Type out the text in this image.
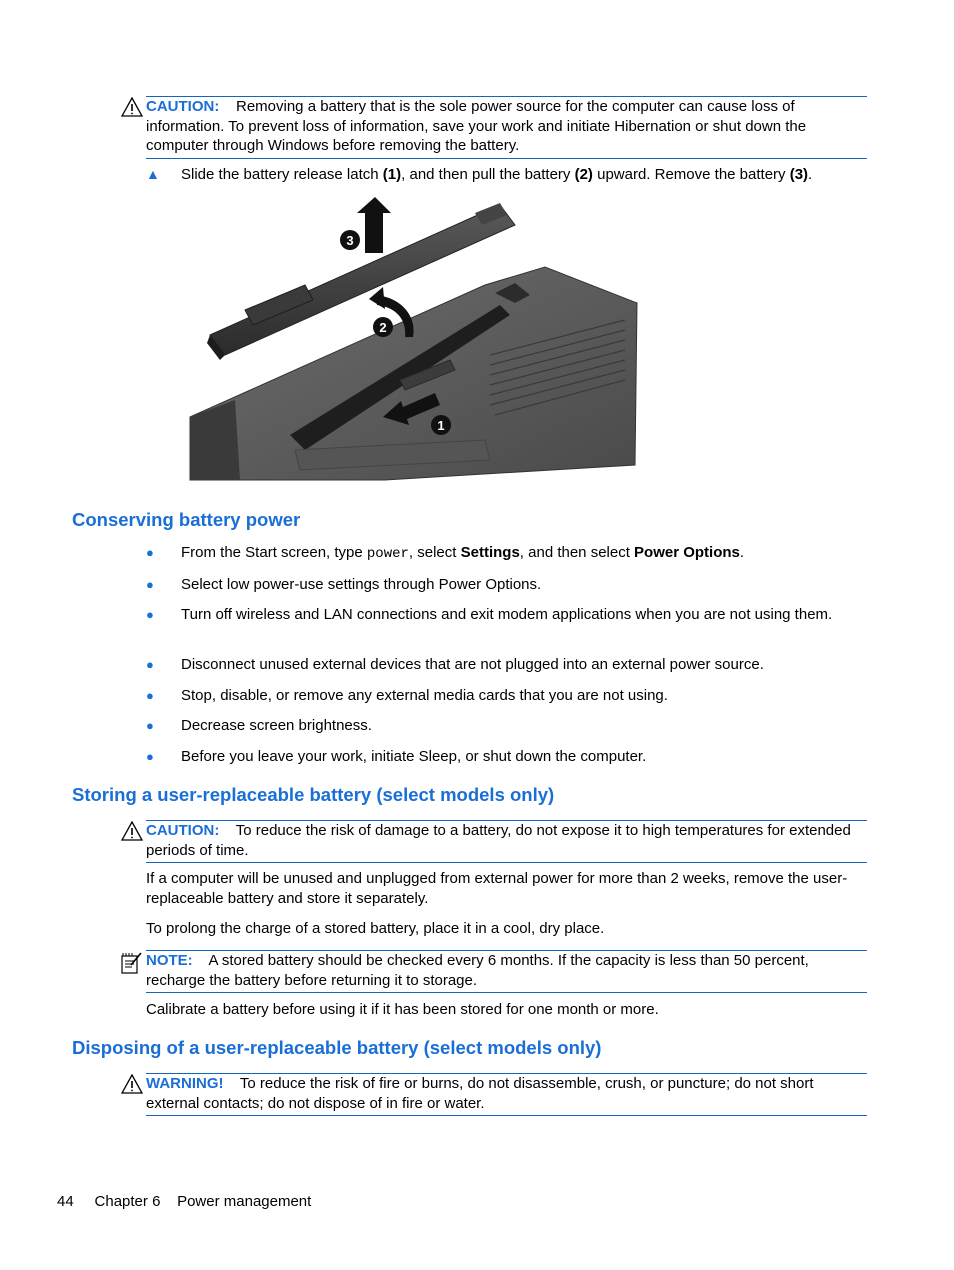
CAUTION: Removing a battery that is the sole power source for the computer can cause loss of information. To prevent loss of information, save your work and initiate Hibernation or shut down the computer through Windows before removing the battery.
▲ Slide the battery release latch (1), and then pull the battery (2) upward. Remove the battery (3).
3
2
1
Conserving battery power
● From the Start screen, type power, select Settings, and then select Power Options.
● Select low power-use settings through Power Options.
● Turn off wireless and LAN connections and exit modem applications when you are not using them.
● Disconnect unused external devices that are not plugged into an external power source.
● Stop, disable, or remove any external media cards that you are not using.
● Decrease screen brightness.
● Before you leave your work, initiate Sleep, or shut down the computer.
Storing a user-replaceable battery (select models only)
CAUTION: To reduce the risk of damage to a battery, do not expose it to high temperatures for extended periods of time.
If a computer will be unused and unplugged from external power for more than 2 weeks, remove the user-replaceable battery and store it separately.
To prolong the charge of a stored battery, place it in a cool, dry place.
NOTE: A stored battery should be checked every 6 months. If the capacity is less than 50 percent, recharge the battery before returning it to storage.
Calibrate a battery before using it if it has been stored for one month or more.
Disposing of a user-replaceable battery (select models only)
WARNING! To reduce the risk of fire or burns, do not disassemble, crush, or puncture; do not short external contacts; do not dispose of in fire or water.
44 Chapter 6 Power management
